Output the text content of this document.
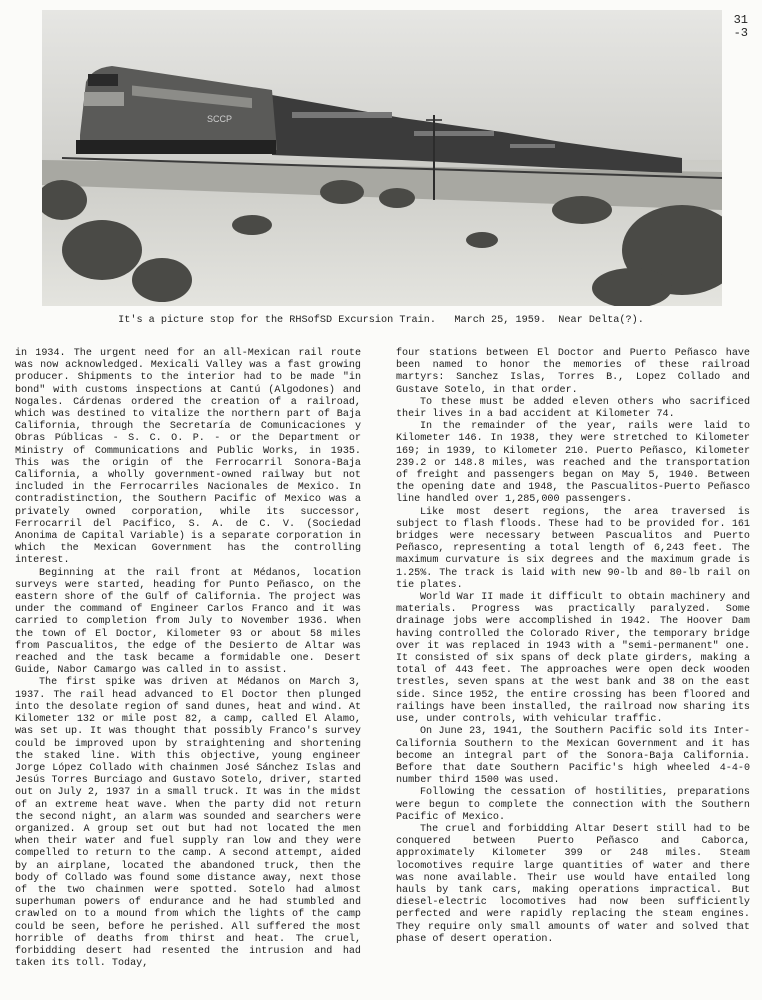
31
-3
SCCP
It's a picture stop for the RHSofSD Excursion Train.   March 25, 1959.  Near Delta(?).

in 1934. The urgent need for an all-Mexican rail route was now acknowledged. Mexicali Valley was a fast growing producer. Shipments to the interior had to be made "in bond" with customs inspections at Cantú (Algodones) and Nogales. Cárdenas ordered the creation of a railroad, which was destined to vitalize the northern part of Baja California, through the Secretaría de Comunicaciones y Obras Públicas - S. C. O. P. - or the Department or Ministry of Communications and Public Works, in 1935. This was the origin of the Ferrocarril Sonora-Baja California, a wholly government-owned railway but not included in the Ferrocarriles Nacionales de Mexico. In contradistinction, the Southern Pacific of Mexico was a privately owned corporation, while its successor, Ferrocarril del Pacifico, S. A. de C. V. (Sociedad Anonima de Capital Variable) is a separate corporation in which the Mexican Government has the controlling interest.

Beginning at the rail front at Médanos, location surveys were started, heading for Punto Peñasco, on the eastern shore of the Gulf of California. The project was under the command of Engineer Carlos Franco and it was carried to completion from July to November 1936. When the town of El Doctor, Kilometer 93 or about 58 miles from Pascualitos, the edge of the Desierto de Altar was reached and the task became a formidable one. Desert Guide, Nabor Camargo was called in to assist.

The first spike was driven at Médanos on March 3, 1937. The rail head advanced to El Doctor then plunged into the desolate region of sand dunes, heat and wind. At Kilometer 132 or mile post 82, a camp, called El Alamo, was set up. It was thought that possibly Franco's survey could be improved upon by straightening and shortening the staked line. With this objective, young engineer Jorge López Collado with chainmen José Sánchez Islas and Jesús Torres Burciago and Gustavo Sotelo, driver, started out on July 2, 1937 in a small truck. It was in the midst of an extreme heat wave. When the party did not return the second night, an alarm was sounded and searchers were organized. A group set out but had not located the men when their water and fuel supply ran low and they were compelled to return to the camp. A second attempt, aided by an airplane, located the abandoned truck, then the body of Collado was found some distance away, next those of the two chainmen were spotted. Sotelo had almost superhuman powers of endurance and he had stumbled and crawled on to a mound from which the lights of the camp could be seen, before he perished. All suffered the most horrible of deaths from thirst and heat. The cruel, forbidding desert had resented the intrusion and had taken its toll. Today,

four stations between El Doctor and Puerto Peñasco have been named to honor the memories of these railroad martyrs: Sanchez Islas, Torres B., Lopez Collado and Gustave Sotelo, in that order.

To these must be added eleven others who sacrificed their lives in a bad accident at Kilometer 74.

In the remainder of the year, rails were laid to Kilometer 146. In 1938, they were stretched to Kilometer 169; in 1939, to Kilometer 210. Puerto Peñasco, Kilometer 239.2 or 148.8 miles, was reached and the transportation of freight and passengers began on May 5, 1940. Between the opening date and 1948, the Pascualitos-Puerto Peñasco line handled over 1,285,000 passengers.

Like most desert regions, the area traversed is subject to flash floods. These had to be provided for. 161 bridges were necessary between Pascualitos and Puerto Peñasco, representing a total length of 6,243 feet. The maximum curvature is six degrees and the maximum grade is 1.25%. The track is laid with new 90-lb and 80-lb rail on tie plates.

World War II made it difficult to obtain machinery and materials. Progress was practically paralyzed. Some drainage jobs were accomplished in 1942. The Hoover Dam having controlled the Colorado River, the temporary bridge over it was replaced in 1943 with a "semi-permanent" one. It consisted of six spans of deck plate girders, making a total of 443 feet. The approaches were open deck wooden trestles, seven spans at the west bank and 38 on the east side. Since 1952, the entire crossing has been floored and railings have been installed, the railroad now sharing its use, under controls, with vehicular traffic.

On June 23, 1941, the Southern Pacific sold its Inter-California Southern to the Mexican Government and it has become an integral part of the Sonora-Baja California. Before that date Southern Pacific's high wheeled 4-4-0 number third 1500 was used.

Following the cessation of hostilities, preparations were begun to complete the connection with the Southern Pacific of Mexico.

The cruel and forbidding Altar Desert still had to be conquered between Puerto Peñasco and Caborca, approximately Kilometer 399 or 248 miles. Steam locomotives require large quantities of water and there was none available. Their use would have entailed long hauls by tank cars, making operations impractical. But diesel-electric locomotives had now been sufficiently perfected and were rapidly replacing the steam engines. They require only small amounts of water and solved that phase of desert operation.
